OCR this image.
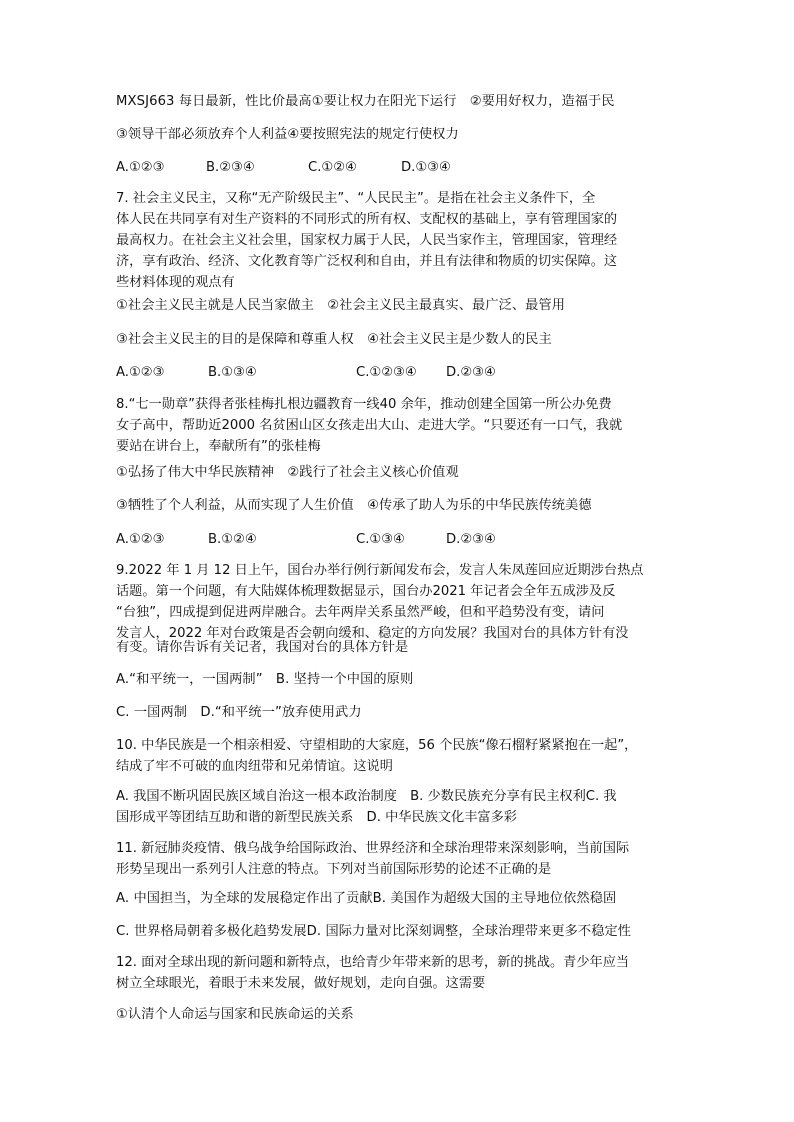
MXSJ663 每日最新，性比价最高①要让权力在阳光下运行　②要用好权力，造福于民
③领导干部必须放弃个人利益④要按照宪法的规定行使权力
A.①②③	B.②③④	C.①②④	D.①③④
7. 社会主义民主，又称“无产阶级民主”、“人民民主”。是指在社会主义条件下，全
体人民在共同享有对生产资料的不同形式的所有权、支配权的基础上，享有管理国家的
最高权力。在社会主义社会里，国家权力属于人民，人民当家作主，管理国家，管理经
济，享有政治、经济、文化教育等广泛权利和自由，并且有法律和物质的切实保障。这
些材料体现的观点有
①社会主义民主就是人民当家做主　②社会主义民主最真实、最广泛、最管用
③社会主义民主的目的是保障和尊重人权　④社会主义民主是少数人的民主
A.①②③	B.①③④	C.①②③④ D.②③④
8.“七一勋章”获得者张桂梅扎根边疆教育一线40 余年，推动创建全国第一所公办免费
女子高中，帮助近2000 名贫困山区女孩走出大山、走进大学。“只要还有一口气，我就
要站在讲台上，奉献所有”的张桂梅
①弘扬了伟大中华民族精神　②践行了社会主义核心价值观
③牺牲了个人利益，从而实现了人生价值　④传承了助人为乐的中华民族传统美德
A.①②③	B.①②④	C.①③④	D.②③④
9.2022 年 1 月 12 日上午，国台办举行例行新闻发布会，发言人朱凤莲回应近期涉台热点
话题。第一个问题，有大陆媒体梳理数据显示，国台办2021 年记者会全年五成涉及反
“台独”，四成提到促进两岸融合。去年两岸关系虽然严峻，但和平趋势没有变，请问
发言人，2022 年对台政策是否会朝向缓和、稳定的方向发展？我国对台的具体方针有没
有变。请你告诉有关记者，我国对台的具体方针是
A.“和平统一，一国两制”　B. 坚持一个中国的原则
C. 一国两制　D.“和平统一”放弃使用武力
10. 中华民族是一个相亲相爱、守望相助的大家庭，56 个民族“像石榴籽紧紧抱在一起”，
结成了牢不可破的血肉纽带和兄弟情谊。这说明
A. 我国不断巩固民族区域自治这一根本政治制度　B. 少数民族充分享有民主权利C. 我
国形成平等团结互助和谐的新型民族关系　D. 中华民族文化丰富多彩
11. 新冠肺炎疫情、俄乌战争给国际政治、世界经济和全球治理带来深刻影响，当前国际
形势呈现出一系列引人注意的特点。下列对当前国际形势的论述不正确的是
A. 中国担当，为全球的发展稳定作出了贡献B. 美国作为超级大国的主导地位依然稳固
C. 世界格局朝着多极化趋势发展D. 国际力量对比深刻调整，全球治理带来更多不稳定性
12. 面对全球出现的新问题和新特点，也给青少年带来新的思考，新的挑战。青少年应当
树立全球眼光，着眼于未来发展，做好规划，走向自强。这需要
①认清个人命运与国家和民族命运的关系
